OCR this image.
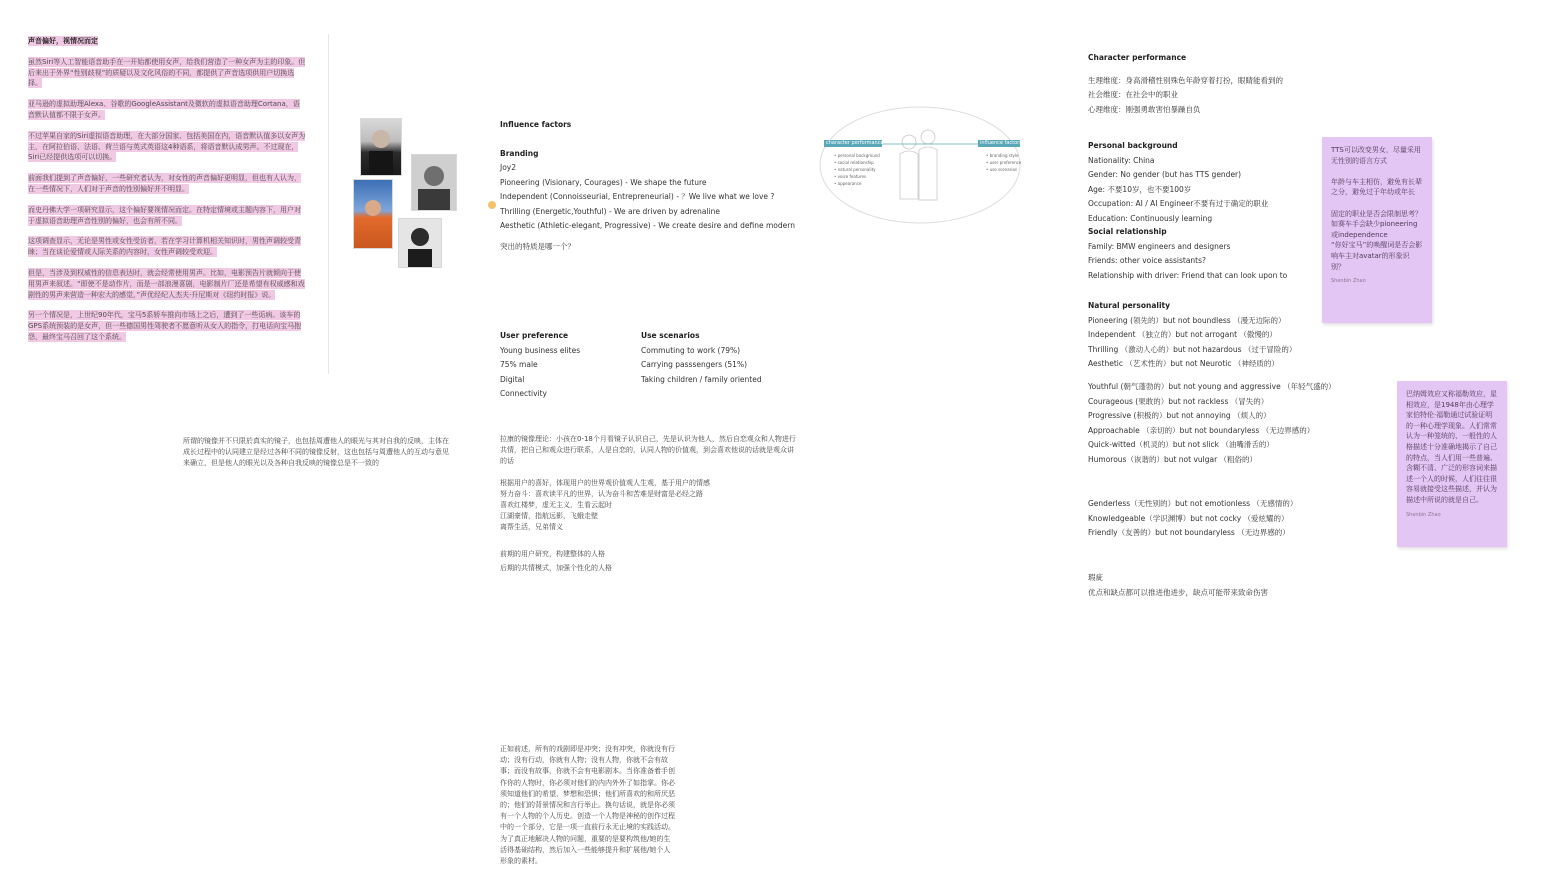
声音偏好，视情况而定
虽然Siri等人工智能语音助手在一开始都使用女声，给我们营造了一种女声为主的印象。但后来出于外界“性别歧视”的质疑以及文化风俗的不同，都提供了声音选项供用户切换选择。
亚马逊的虚拟助理Alexa、谷歌的GoogleAssistant及微软的虚拟语音助理Cortana，语音默认值都不限于女声。
不过苹果自家的Siri虚拟语音助理，在大部分国家、包括美国在内，语音默认值多以女声为主，在阿拉伯语、法语、荷兰语与英式英语这4种语系，将语音默认成男声。不过现在，Siri已经提供选项可以切换。
前面我们提到了声音偏好，一些研究者认为，对女性的声音偏好更明显，但也有人认为，在一些情况下，人们对于声音的性别偏好并不明显。
而史丹佛大学一项研究显示，这个偏好要视情况而定。在特定情境或主题内容下，用户对于虚拟语音助理声音性别的偏好，也会有所不同。
这项调查显示，无论是男性或女性受访者，若在学习计算机相关知识时，男性声调较受青睐；当在谈论爱情或人际关系的内容时，女性声调较受欢迎。
但是，当涉及到权威性的信息表达时，就会经常使用男声。比如，电影预告片就倾向于使用男声来叙述。“即使不是动作片，而是一部浪漫喜剧，电影制片厂还是希望有权威感和戏剧性的男声来营造一种宏大的感觉，”声优经纪人杰夫·升尼斯对《纽约时报》说。
另一个情况是，上世纪90年代，宝马5系轿车推向市场上之后，遭到了一些诟病。该车的GPS系统预装的是女声，但一些德国男性驾驶者不愿意听从女人的指令，打电话向宝马抱怨，最终宝马召回了这个系统。
所谓的镜像并不只限於真实的镜子，也包括周遭他人的眼光与其对自我的反映，主体在成长过程中的认同建立是经过各种不同的镜像反射，这也包括与周遭他人的互动与意见来确立，但是他人的眼光以及各种自我反映的镜像总是不一致的
Influence factors
Branding
Joy2
Pioneering (Visionary, Courages) - We shape the future
Independent (Connoisseurial, Entrepreneurial) - ？We live what we love ?
Thrilling (Energetic,Youthful) - We are driven by adrenaline
Aesthetic (Athletic-elegant, Progressive) - We create desire and define modern
突出的特质是哪一个？
User preference
Young business elites
75% male
Digital
Connectivity
Use scenarios
Commuting to work (79%)
Carrying passsengers (51%)
Taking children / family oriented
拉康的镜像理论：小孩在0-18个月看镜子认识自己，先是认识为他人，然后自恋观众和人物进行共情，把自己和观众进行联系，人是自恋的，认同人物的价值观，到会喜欢他说的话就是观众讲的话
根据用户的喜好，体现用户的世界观价值观人生观，基于用户的情感
努力奋斗：喜欢读平凡的世界，认为奋斗和苦难是财富是必经之路
喜欢红楼梦，虚无主义，生看云起时
江湖豪情，指航远影，飞蛾走壁
离帮生活，兄弟情义
前期的用户研究，构建整体的人格
后期的共情模式，加强个性化的人格
正如前述，所有的戏剧即是冲突；没有冲突，你就没有行动；没有行动，你就有人物；没有人物，你就不会有故事；而没有故事，你就不会有电影剧本。当你准备着手创作你的人物时，你必须对他们的内内外外了如指掌。你必须知道他们的希望、梦想和恐惧；他们所喜欢的和所厌恶的；他们的背景情况和言行举止。换句话说，就是你必须有一个人物的个人历史。创造一个人物是神秘的创作过程中的一个部分，它是一项一直前行永无止境的实践活动。为了真正地解决人物的问题，重要的是要构筑他/她的生活得基础结构，然后加入一些能够提升和扩展他/她个人形象的素材。
character performance	influence factors
• personal background
• social relationship
• natural personality
• voice features
• appearance
• branding style
• user preference
• use scenarios
Character performance
生理维度：身高滑稽性别殊色年龄穿着打扮，眼睛能看到的
社会维度：在社会中的职业
心理维度：刚强勇敢害怕暴躁自负
Personal background
Nationality: China
Gender: No gender (but has TTS gender)
Age: 不要10岁，也不要100岁
Occupation: AI / AI Engineer不要有过于确定的职业
Education: Continuously learning
Social relationship
Family: BMW engineers and designers
Friends: other voice assistants?
Relationship with driver: Friend that can look upon to
Natural personality
Pioneering (领先的）but not boundless （漫无边际的）
Independent （独立的）but not arrogant （傲慢的）
Thrilling （激动人心的）but not hazardous （过于冒险的）
Aesthetic （艺术性的）but not Neurotic （神经质的）
Youthful (朝气蓬勃的）but not young and aggressive （年轻气盛的）
Courageous (果敢的）but not rackless （冒失的）
Progressive (积极的）but not annoying （烦人的）
Approachable （亲切的）but not boundaryless （无边界感的）
Quick-witted（机灵的）but not slick （油嘴滑舌的）
Humorous（诙谐的）but not vulgar （粗俗的）
Genderless（无性别的）but not emotionless （无感情的）
Knowledgeable（学识渊博）but not cocky （爱炫耀的）
Friendly（友善的）but not boundaryless （无边界感的）
瑕疵
优点和缺点都可以推进他进步，缺点可能带来致命伤害
TTS可以改变男女，尽量采用无性别的语言方式

年龄与车主相仿，避免有长辈之分，避免过于年幼或年长

固定的职业是否会限制思考？如赛车手会缺少pioneering或independence
“你好宝马”的唤醒词是否会影响车主对avatar的形象识别？
Shenbin Zhao
巴纳姆效应又称福勒效应，星相效应，是1948年由心理学家伯特伦·福勒通过试验证明的一种心理学现象。人们常常认为一种笼统的、一般性的人格描述十分准确地揭示了自己的特点，当人们用一些普遍、含糊不清、广泛的形容词来描述一个人的时候，人们往往很容易就接受这些描述，并认为描述中所说的就是自己。
Shenbin Zhao
